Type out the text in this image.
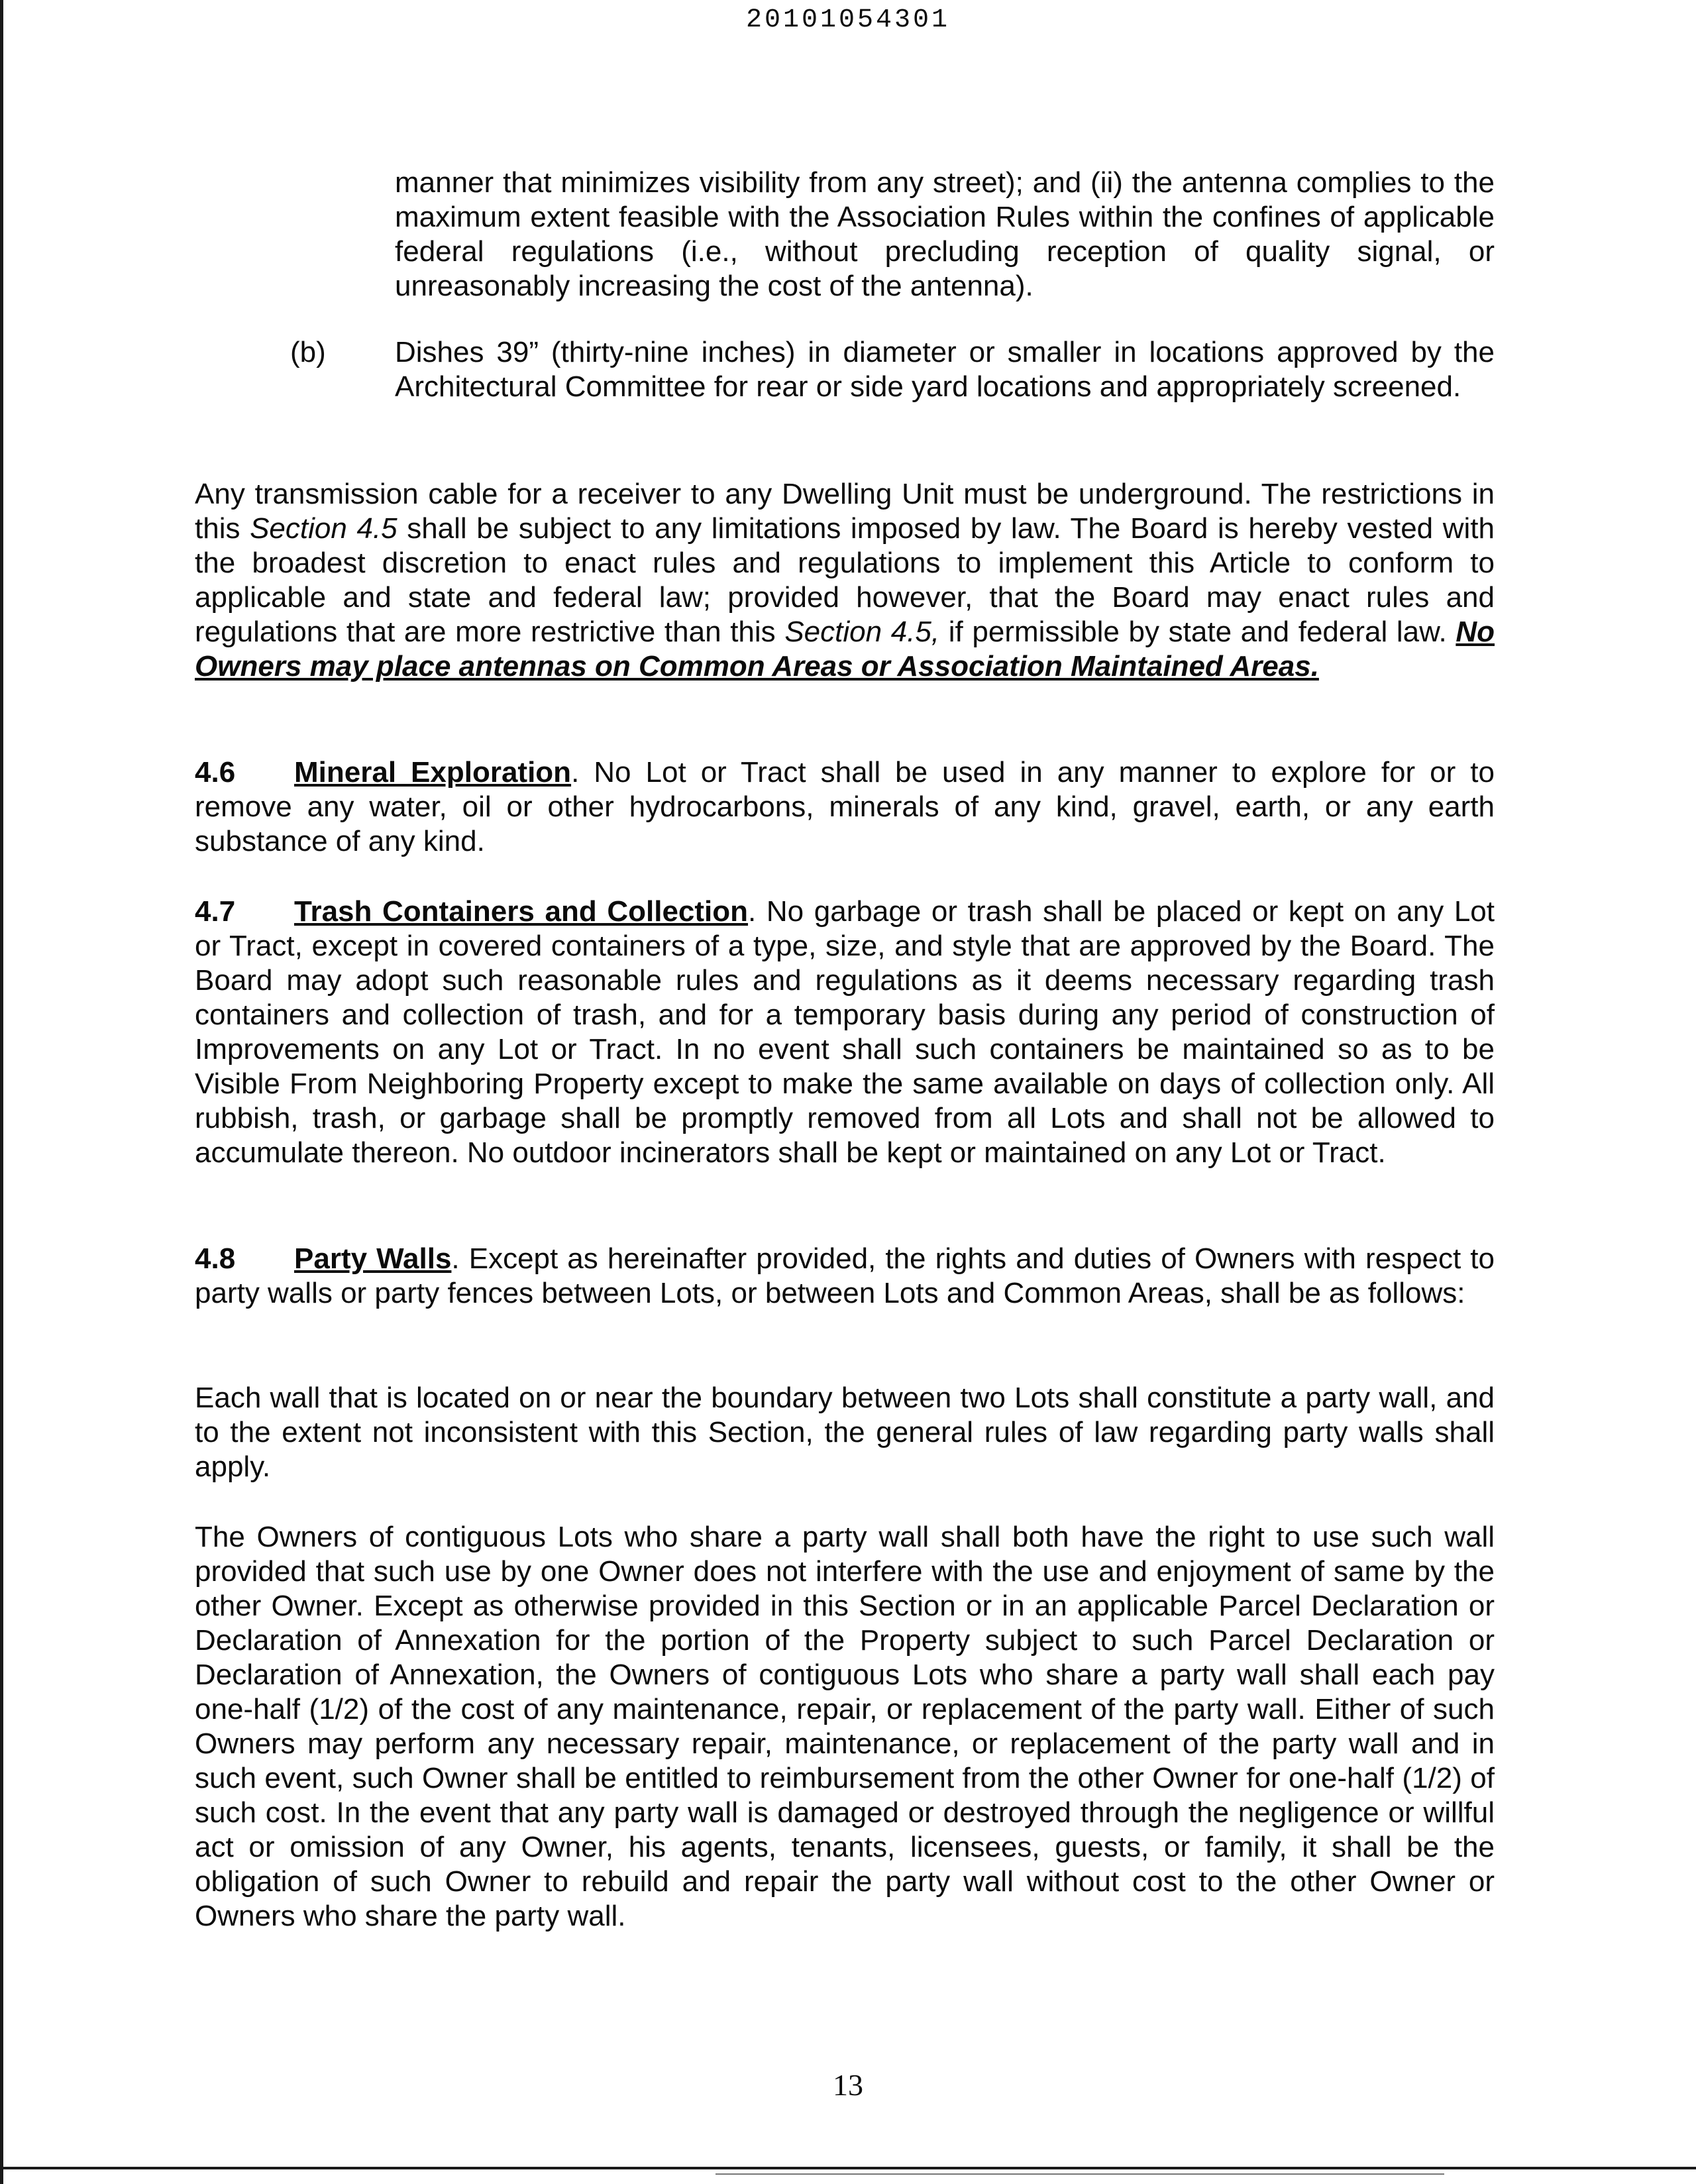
20101054301

manner that minimizes visibility from any street); and (ii) the antenna complies to the maximum extent feasible with the Association Rules within the confines of applicable federal regulations (i.e., without precluding reception of quality signal, or unreasonably increasing the cost of the antenna).

(b) Dishes 39” (thirty-nine inches) in diameter or smaller in locations approved by the Architectural Committee for rear or side yard locations and appropriately screened.

Any transmission cable for a receiver to any Dwelling Unit must be underground. The restrictions in this Section 4.5 shall be subject to any limitations imposed by law. The Board is hereby vested with the broadest discretion to enact rules and regulations to implement this Article to conform to applicable and state and federal law; provided however, that the Board may enact rules and regulations that are more restrictive than this Section 4.5, if permissible by state and federal law. No Owners may place antennas on Common Areas or Association Maintained Areas.

4.6 Mineral Exploration. No Lot or Tract shall be used in any manner to explore for or to remove any water, oil or other hydrocarbons, minerals of any kind, gravel, earth, or any earth substance of any kind.

4.7 Trash Containers and Collection. No garbage or trash shall be placed or kept on any Lot or Tract, except in covered containers of a type, size, and style that are approved by the Board. The Board may adopt such reasonable rules and regulations as it deems necessary regarding trash containers and collection of trash, and for a temporary basis during any period of construction of Improvements on any Lot or Tract. In no event shall such containers be maintained so as to be Visible From Neighboring Property except to make the same available on days of collection only. All rubbish, trash, or garbage shall be promptly removed from all Lots and shall not be allowed to accumulate thereon. No outdoor incinerators shall be kept or maintained on any Lot or Tract.

4.8 Party Walls. Except as hereinafter provided, the rights and duties of Owners with respect to party walls or party fences between Lots, or between Lots and Common Areas, shall be as follows:

Each wall that is located on or near the boundary between two Lots shall constitute a party wall, and to the extent not inconsistent with this Section, the general rules of law regarding party walls shall apply.

The Owners of contiguous Lots who share a party wall shall both have the right to use such wall provided that such use by one Owner does not interfere with the use and enjoyment of same by the other Owner. Except as otherwise provided in this Section or in an applicable Parcel Declaration or Declaration of Annexation for the portion of the Property subject to such Parcel Declaration or Declaration of Annexation, the Owners of contiguous Lots who share a party wall shall each pay

one-half (1/2) of the cost of any maintenance, repair, or replacement of the party wall. Either of such Owners may perform any necessary repair, maintenance, or replacement of the party wall and in such event, such Owner shall be entitled to reimbursement from the other Owner for one-half (1/2) of such cost. In the event that any party wall is damaged or destroyed through the negligence or willful act or omission of any Owner, his agents, tenants, licensees, guests, or family, it shall be the obligation of such Owner to rebuild and repair the party wall without cost to the other Owner or Owners who share the party wall.

13
